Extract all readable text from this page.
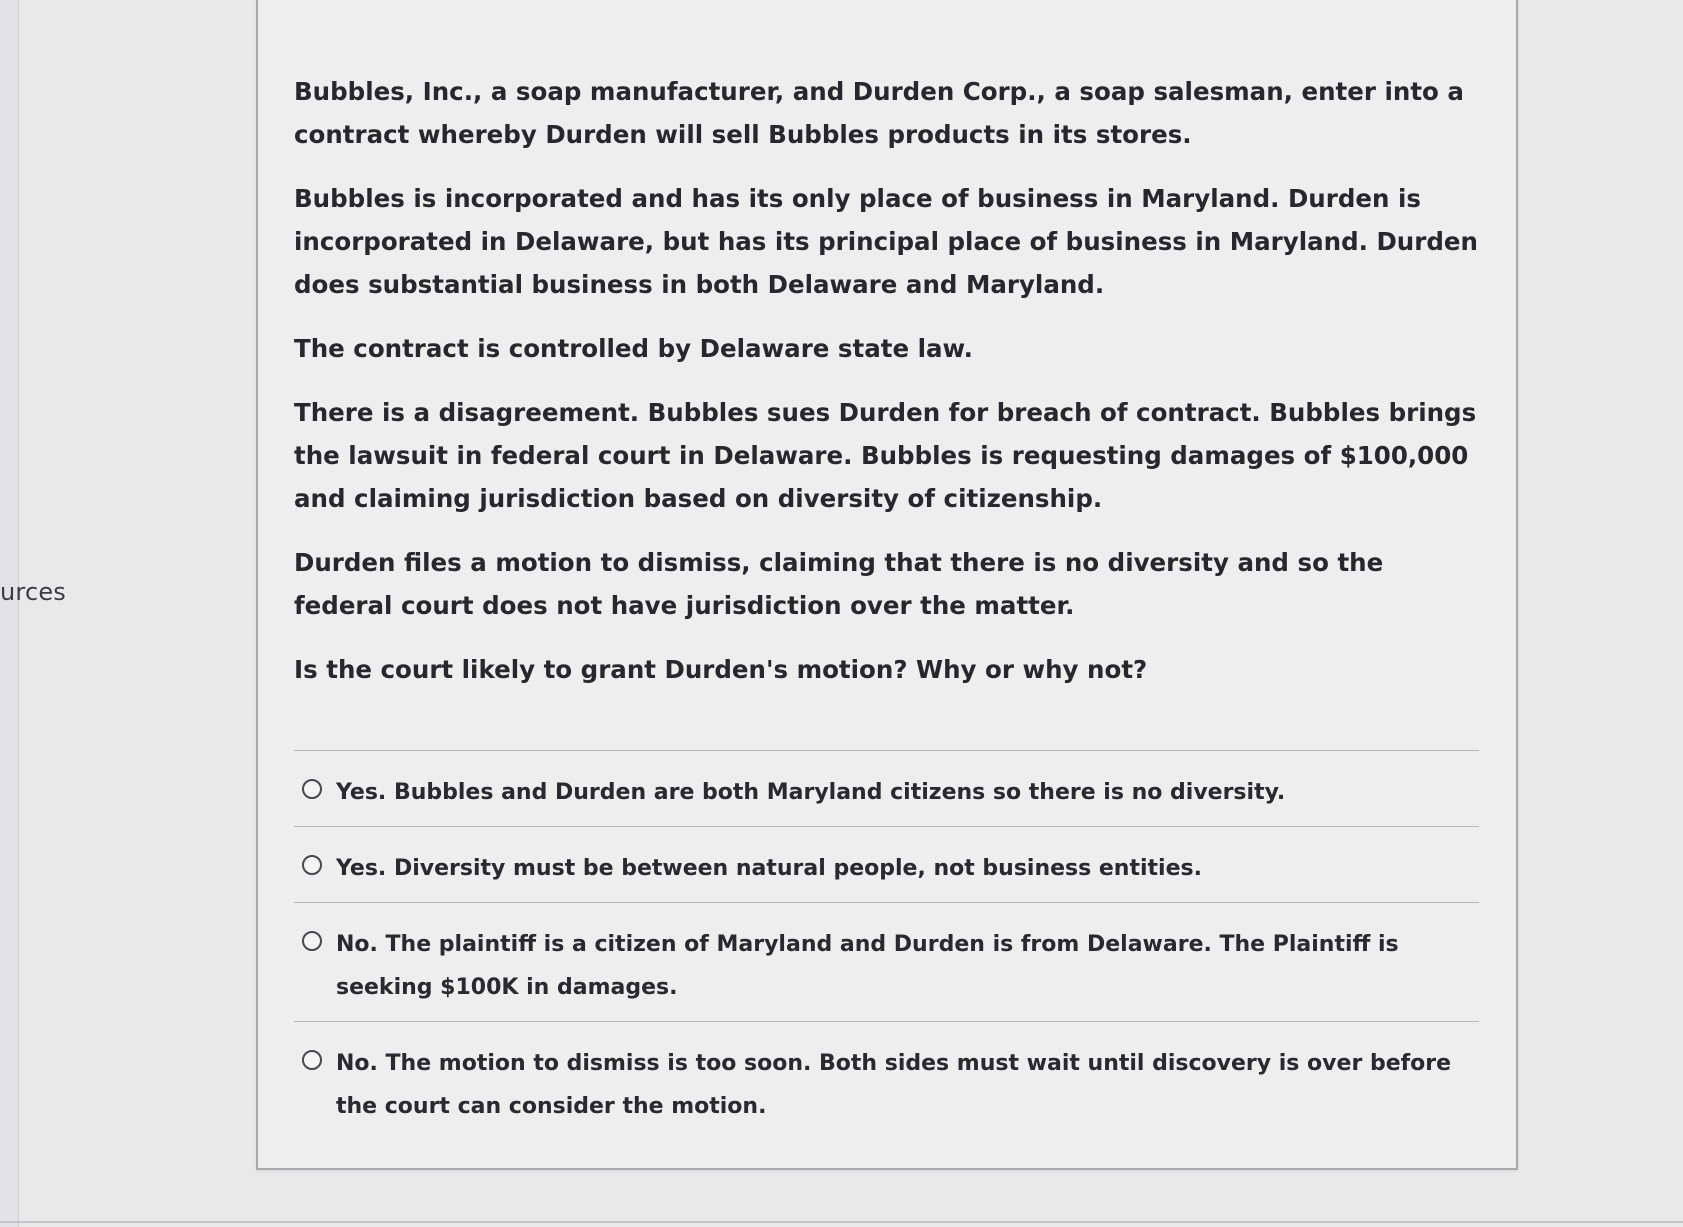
urces

Bubbles, Inc., a soap manufacturer, and Durden Corp., a soap salesman, enter into a contract whereby Durden will sell Bubbles products in its stores.

Bubbles is incorporated and has its only place of business in Maryland. Durden is incorporated in Delaware, but has its principal place of business in Maryland. Durden does substantial business in both Delaware and Maryland.

The contract is controlled by Delaware state law.

There is a disagreement. Bubbles sues Durden for breach of contract. Bubbles brings the lawsuit in federal court in Delaware. Bubbles is requesting damages of $100,000 and claiming jurisdiction based on diversity of citizenship.

Durden files a motion to dismiss, claiming that there is no diversity and so the federal court does not have jurisdiction over the matter.

Is the court likely to grant Durden's motion? Why or why not?

Yes. Bubbles and Durden are both Maryland citizens so there is no diversity.
Yes. Diversity must be between natural people, not business entities.
No. The plaintiff is a citizen of Maryland and Durden is from Delaware. The Plaintiff is seeking $100K in damages.
No. The motion to dismiss is too soon. Both sides must wait until discovery is over before the court can consider the motion.
